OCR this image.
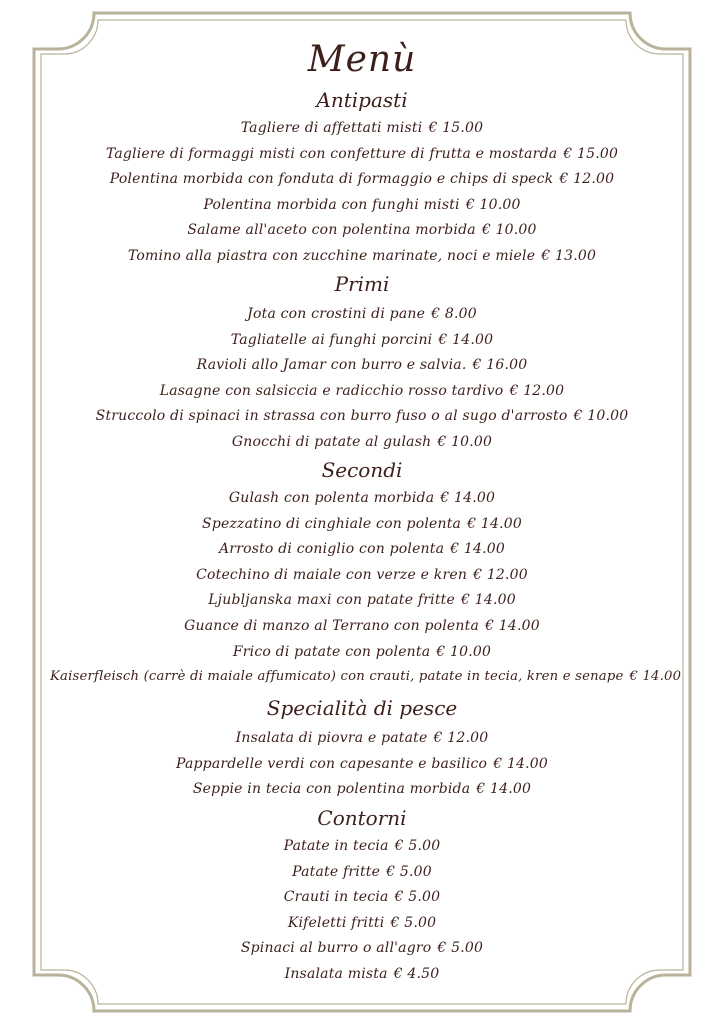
Menù
Antipasti
Tagliere di affettati misti € 15.00
Tagliere di formaggi misti con confetture di frutta e mostarda € 15.00
Polentina morbida con fonduta di formaggio e chips di speck € 12.00
Polentina morbida con funghi misti € 10.00
Salame all'aceto con polentina morbida € 10.00
Tomino alla piastra con zucchine marinate, noci e miele € 13.00
Primi
Jota con crostini di pane € 8.00
Tagliatelle ai funghi porcini € 14.00
Ravioli allo Jamar con burro e salvia. € 16.00
Lasagne con salsiccia e radicchio rosso tardivo € 12.00
Struccolo di spinaci in strassa con burro fuso o al sugo d'arrosto € 10.00
Gnocchi di patate al gulash € 10.00
Secondi
Gulash con polenta morbida € 14.00
Spezzatino di cinghiale con polenta € 14.00
Arrosto di coniglio con polenta € 14.00
Cotechino di maiale con verze e kren € 12.00
Ljubljanska maxi con patate fritte € 14.00
Guance di manzo al Terrano con polenta € 14.00
Frico di patate con polenta € 10.00
Kaiserfleisch (carrè di maiale affumicato) con crauti, patate in tecia, kren e senape € 14.00
Specialità di pesce
Insalata di piovra e patate € 12.00
Pappardelle verdi con capesante e basilico € 14.00
Seppie in tecia con polentina morbida € 14.00
Contorni
Patate in tecia € 5.00
Patate fritte € 5.00
Crauti in tecia € 5.00
Kifeletti fritti € 5.00
Spinaci al burro o all'agro € 5.00
Insalata mista € 4.50
